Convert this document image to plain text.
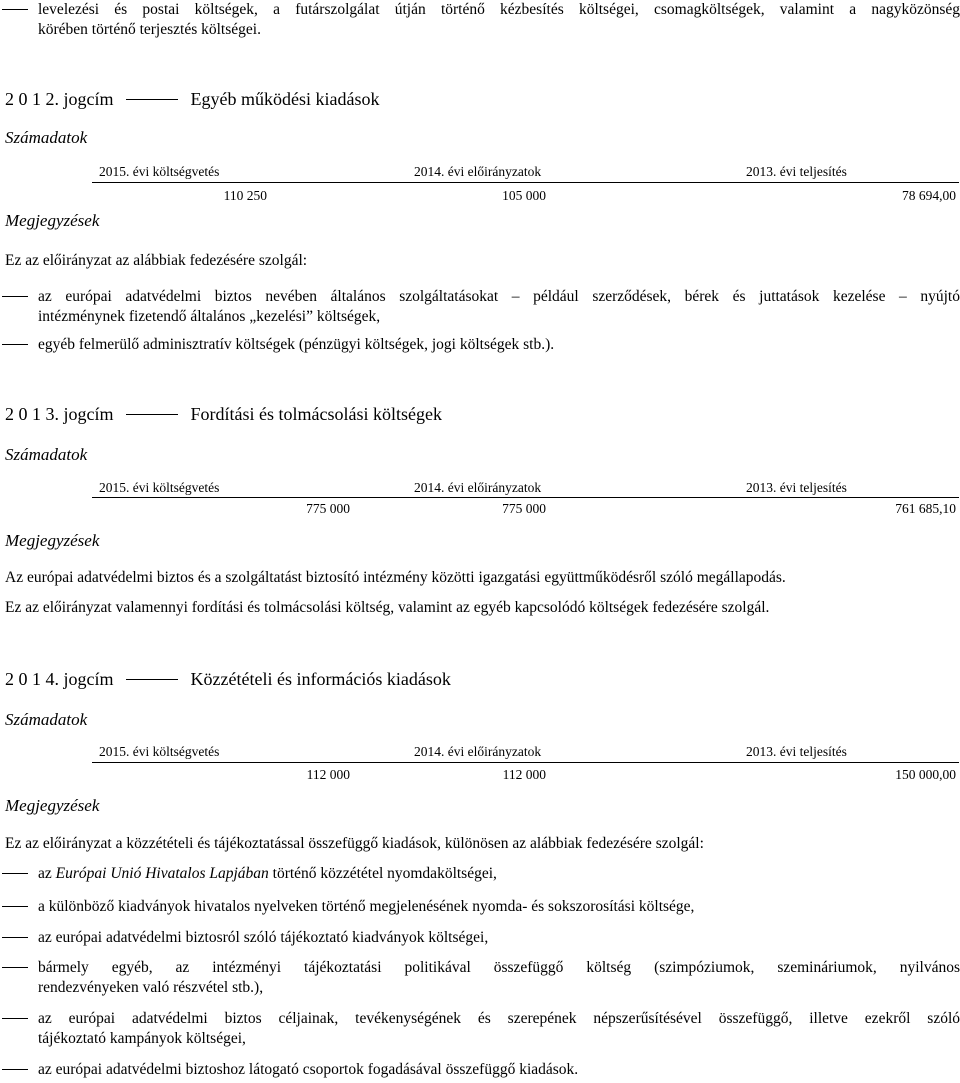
levelezési és postai költségek, a futárszolgálat útján történő kézbesítés költségei, csomagköltségek, valamint a nagyközönség
körében történő terjesztés költségei.
2 0 1 2. jogcím	Egyéb működési kiadások
Számadatok
2015. évi költségvetés	2014. évi előirányzatok	2013. évi teljesítés
110 250	105 000	78 694,00
Megjegyzések
Ez az előirányzat az alábbiak fedezésére szolgál:
az európai adatvédelmi biztos nevében általános szolgáltatásokat – például szerződések, bérek és juttatások kezelése – nyújtó
intézménynek fizetendő általános „kezelési” költségek,
egyéb felmerülő adminisztratív költségek (pénzügyi költségek, jogi költségek stb.).
2 0 1 3. jogcím	Fordítási és tolmácsolási költségek
Számadatok
2015. évi költségvetés	2014. évi előirányzatok	2013. évi teljesítés
775 000	775 000	761 685,10
Megjegyzések
Az európai adatvédelmi biztos és a szolgáltatást biztosító intézmény közötti igazgatási együttműködésről szóló megállapodás.
Ez az előirányzat valamennyi fordítási és tolmácsolási költség, valamint az egyéb kapcsolódó költségek fedezésére szolgál.
2 0 1 4. jogcím	Közzétételi és információs kiadások
Számadatok
2015. évi költségvetés	2014. évi előirányzatok	2013. évi teljesítés
112 000	112 000	150 000,00
Megjegyzések
Ez az előirányzat a közzétételi és tájékoztatással összefüggő kiadások, különösen az alábbiak fedezésére szolgál:
az Európai Unió Hivatalos Lapjában történő közzététel nyomdaköltségei,
a különböző kiadványok hivatalos nyelveken történő megjelenésének nyomda- és sokszorosítási költsége,
az európai adatvédelmi biztosról szóló tájékoztató kiadványok költségei,
bármely egyéb, az intézményi tájékoztatási politikával összefüggő költség (szimpóziumok, szemináriumok, nyilvános
rendezvényeken való részvétel stb.),
az európai adatvédelmi biztos céljainak, tevékenységének és szerepének népszerűsítésével összefüggő, illetve ezekről szóló
tájékoztató kampányok költségei,
az európai adatvédelmi biztoshoz látogató csoportok fogadásával összefüggő kiadások.
